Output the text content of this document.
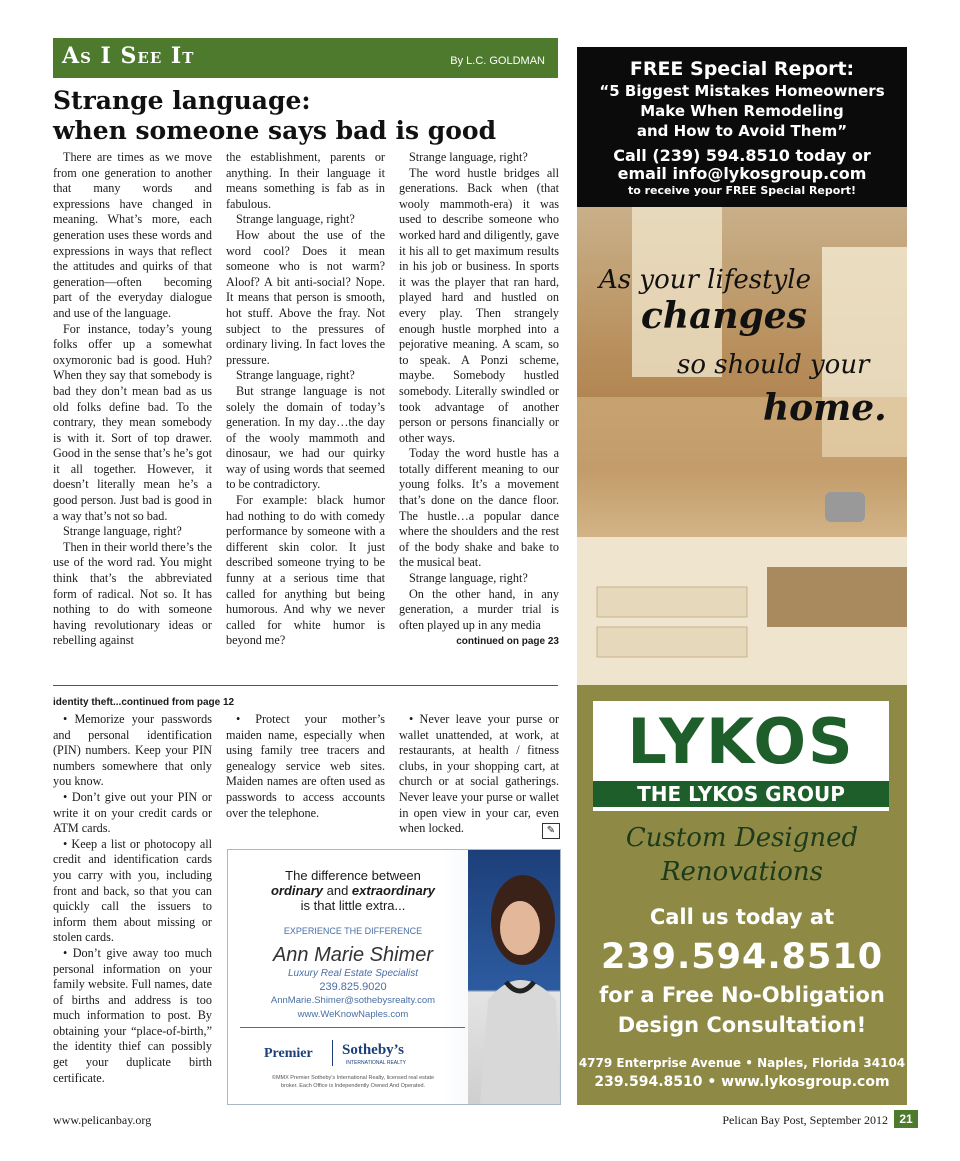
As I See It	By L.C. GOLDMAN
Strange language:
when someone says bad is good

There are times as we move from one generation to another that many words and expressions have changed in meaning. What’s more, each generation uses these words and expressions in ways that reflect the attitudes and quirks of that generation—often becoming part of the everyday dialogue and use of the language.

For instance, today’s young folks offer up a somewhat oxymoronic bad is good. Huh? When they say that somebody is bad they don’t mean bad as us old folks define bad. To the contrary, they mean somebody is with it. Sort of top drawer. Good in the sense that’s he’s got it all together. However, it doesn’t literally mean he’s a good person. Just bad is good in a way that’s not so bad.

Strange language, right?

Then in their world there’s the use of the word rad. You might think that’s the abbreviated form of radical. Not so. It has nothing to do with someone having revolutionary ideas or rebelling against

the establishment, parents or anything. In their language it means something is fab as in fabulous.

Strange language, right?

How about the use of the word cool? Does it mean someone who is not warm? Aloof? A bit anti-social? Nope. It means that person is smooth, hot stuff. Above the fray. Not subject to the pressures of ordinary living. In fact loves the pressure.

Strange language, right?

But strange language is not solely the domain of today’s generation. In my day…the day of the wooly mammoth and dinosaur, we had our quirky way of using words that seemed to be contradictory.

For example: black humor had nothing to do with comedy performance by someone with a different skin color. It just described someone trying to be funny at a serious time that called for anything but being humorous. And why we never called for white humor is beyond me?

Strange language, right?

The word hustle bridges all generations. Back when (that wooly mammoth-era) it was used to describe someone who worked hard and diligently, gave it his all to get maximum results in his job or business. In sports it was the player that ran hard, played hard and hustled on every play. Then strangely enough hustle morphed into a pejorative meaning. A scam, so to speak. A Ponzi scheme, maybe. Somebody hustled somebody. Literally swindled or took advantage of another person or persons financially or other ways.

Today the word hustle has a totally different meaning to our young folks. It’s a movement that’s done on the dance floor. The hustle…a popular dance where the shoulders and the rest of the body shake and bake to the musical beat.

Strange language, right?

On the other hand, in any generation, a murder trial is often played up in any media

continued on page 23
identity theft...continued from page 12

• Memorize your passwords and personal identification (PIN) numbers. Keep your PIN numbers somewhere that only you know.

• Don’t give out your PIN or write it on your credit cards or ATM cards.

• Keep a list or photocopy all credit and identification cards you carry with you, including front and back, so that you can quickly call the issuers to inform them about missing or stolen cards.

• Don’t give away too much personal information on your family website. Full names, date of births and address is too much information to post. By obtaining your “place-of-birth,” the identity thief can possibly get your duplicate birth certificate.

• Protect your mother’s maiden name, especially when using family tree tracers and genealogy service web sites. Maiden names are often used as passwords to access accounts over the telephone.

• Never leave your purse or wallet unattended, at work, at restaurants, at health / fitness clubs, in your shopping cart, at church or at social gatherings. Never leave your purse or wallet in open view in your car, even when locked.	✎
The difference between
ordinary and extraordinary
is that little extra...
EXPERIENCE THE DIFFERENCE
Ann Marie Shimer
Luxury Real Estate Specialist
239.825.9020
AnnMarie.Shimer@sothebysrealty.com
www.WeKnowNaples.com
Premier Sotheby’s
INTERNATIONAL REALTY
©MMX Premier Sotheby’s International Realty, licensed real estate
broker. Each Office is Independently Owned And Operated.
FREE Special Report:
“5 Biggest Mistakes Homeowners
Make When Remodeling
and How to Avoid Them”
Call (239) 594.8510 today or
email info@lykosgroup.com
to receive your FREE Special Report!
As your lifestyle
changes
so should your
home.
LYKOS
THE LYKOS GROUP
Custom Designed
Renovations
Call us today at
239.594.8510
for a Free No-Obligation
Design Consultation!
4779 Enterprise Avenue • Naples, Florida 34104
239.594.8510 • www.lykosgroup.com
www.pelicanbay.org	Pelican Bay Post, September 2012 21
